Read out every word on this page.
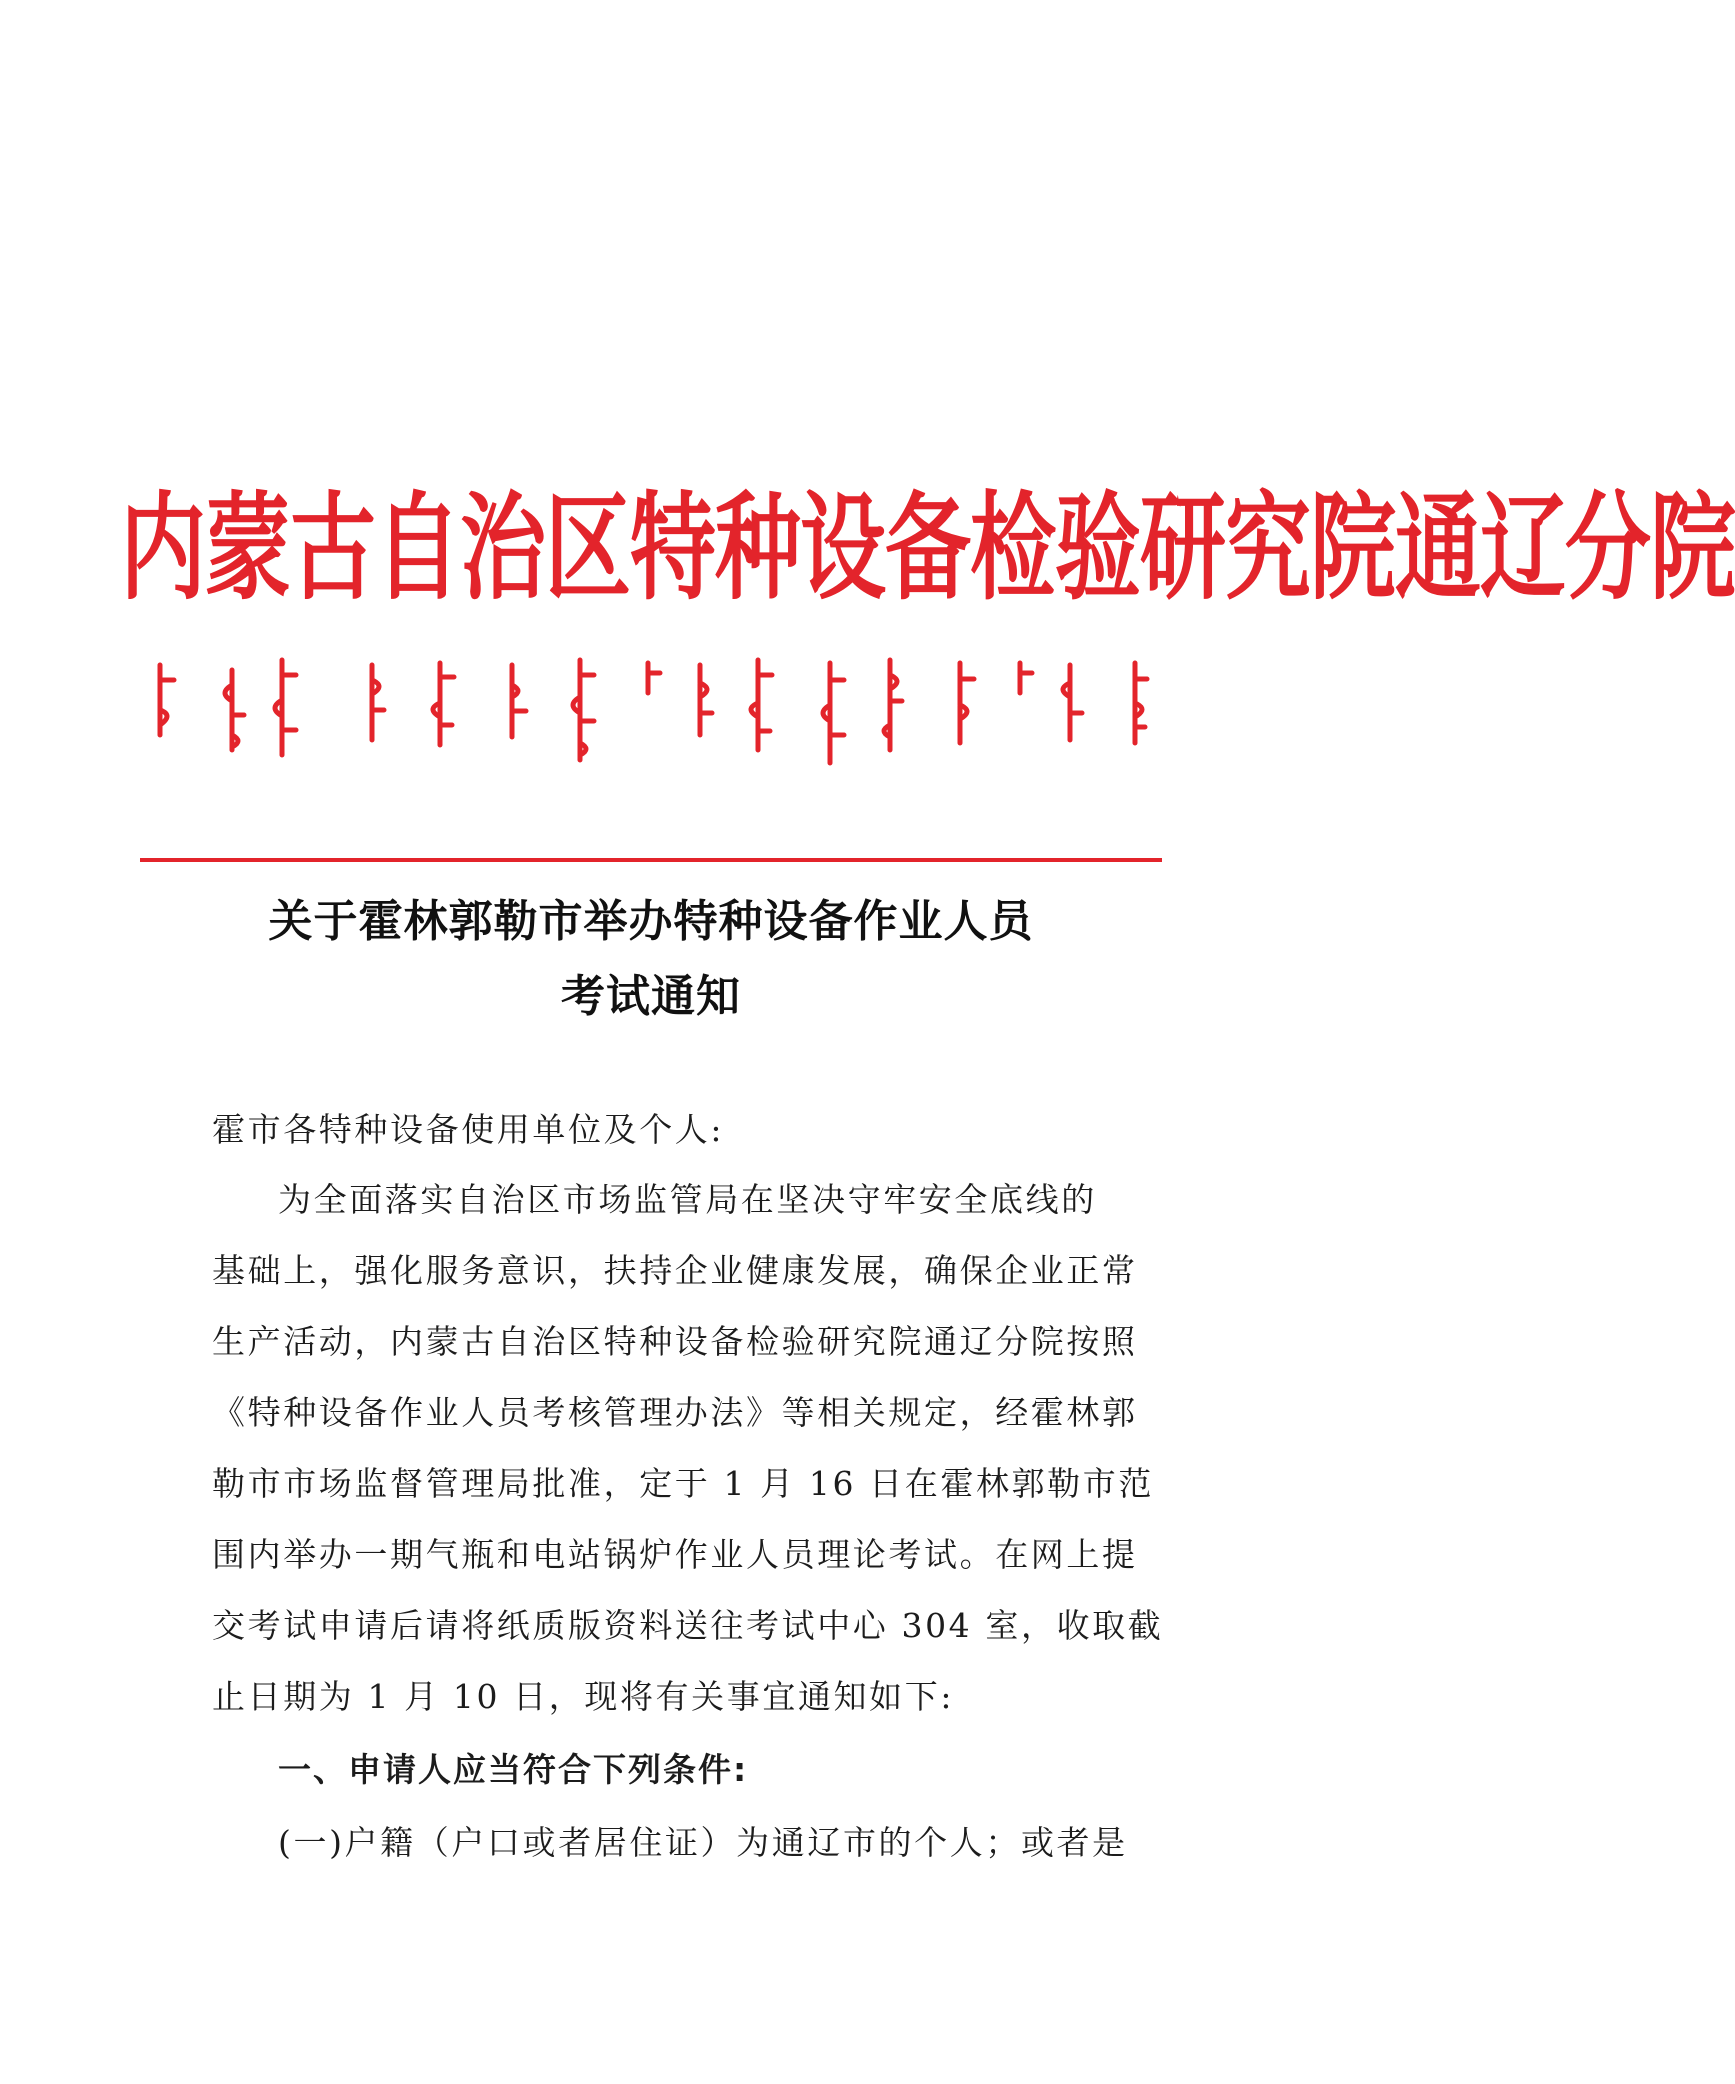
内蒙古自治区特种设备检验研究院通辽分院
ᠦᠪᠦᠷ ᠮᠤᠩᠭᠤᠯ ᠤᠨ ᠥᠪᠡᠷᠲᠡᠭᠡᠨ ᠵᠠᠰᠠᠬᠤ ᠣᠷᠤᠨ ᠤ ᠣᠨᠴᠠ ᠲᠥᠬᠥᠭᠡᠷᠦᠮᠵᠢ
关于霍林郭勒市举办特种设备作业人员
考试通知
霍市各特种设备使用单位及个人:
为全面落实自治区市场监管局在坚决守牢安全底线的
基础上，强化服务意识，扶持企业健康发展，确保企业正常
生产活动，内蒙古自治区特种设备检验研究院通辽分院按照
《特种设备作业人员考核管理办法》等相关规定，经霍林郭
勒市市场监督管理局批准，定于 1 月 16 日在霍林郭勒市范
围内举办一期气瓶和电站锅炉作业人员理论考试。在网上提
交考试申请后请将纸质版资料送往考试中心 304 室，收取截
止日期为 1 月 10 日，现将有关事宜通知如下:
一、申请人应当符合下列条件:
(一)户籍（户口或者居住证）为通辽市的个人；或者是
